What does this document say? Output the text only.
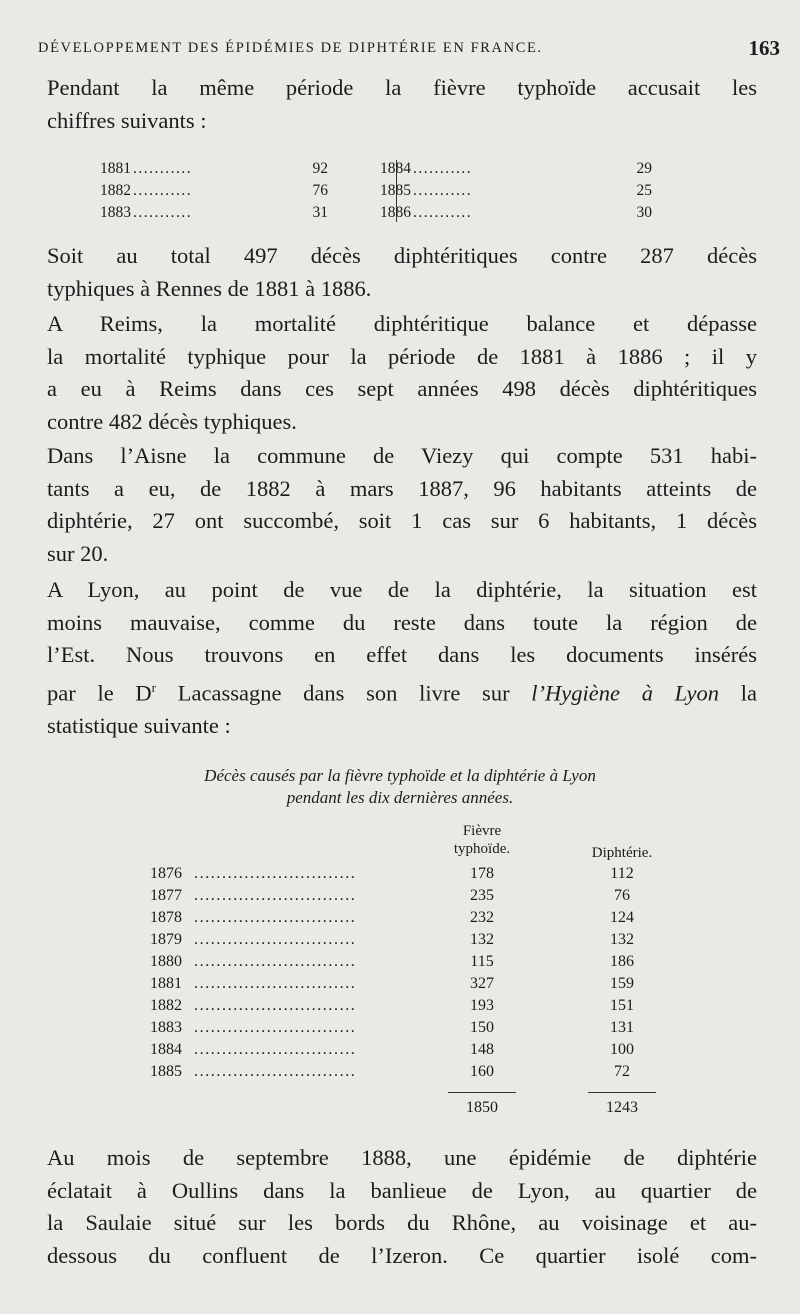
DÉVELOPPEMENT DES ÉPIDÉMIES DE DIPHTÉRIE EN FRANCE.	163
Pendant la même période la fièvre typhoïde accusait les
chiffres suivants :
1881 ...........	92
1882 ...........	76
1883 ...........	31
1884 ...........	29
1885 ...........	25
1886 ...........	30
Soit au total 497 décès diphtéritiques contre 287 décès
typhiques à Rennes de 1881 à 1886.
A Reims, la mortalité diphtéritique balance et dépasse
la mortalité typhique pour la période de 1881 à 1886 ; il y
a eu à Reims dans ces sept années 498 décès diphtéritiques
contre 482 décès typhiques.
Dans l’Aisne la commune de Viezy qui compte 531 habi-
tants a eu, de 1882 à mars 1887, 96 habitants atteints de
diphtérie, 27 ont succombé, soit 1 cas sur 6 habitants, 1 décès
sur 20.
A Lyon, au point de vue de la diphtérie, la situation est
moins mauvaise, comme du reste dans toute la région de
l’Est. Nous trouvons en effet dans les documents insérés
par le $D^r$ Lacassagne dans son livre sur l’Hygiène à Lyon la
statistique suivante :
Décès causés par la fièvre typhoïde et la diphtérie à Lyon
pendant les dix dernières années.
Fièvre
typhoïde.	Diphtérie.
1876 .............................	178	112
1877 .............................	235	76
1878 .............................	232	124
1879 .............................	132	132
1880 .............................	115	186
1881 .............................	327	159
1882 .............................	193	151
1883 .............................	150	131
1884 .............................	148	100
1885 .............................	160	72
1850	1243
Au mois de septembre 1888, une épidémie de diphtérie
éclatait à Oullins dans la banlieue de Lyon, au quartier de
la Saulaie situé sur les bords du Rhône, au voisinage et au-
dessous du confluent de l’Izeron. Ce quartier isolé com-
